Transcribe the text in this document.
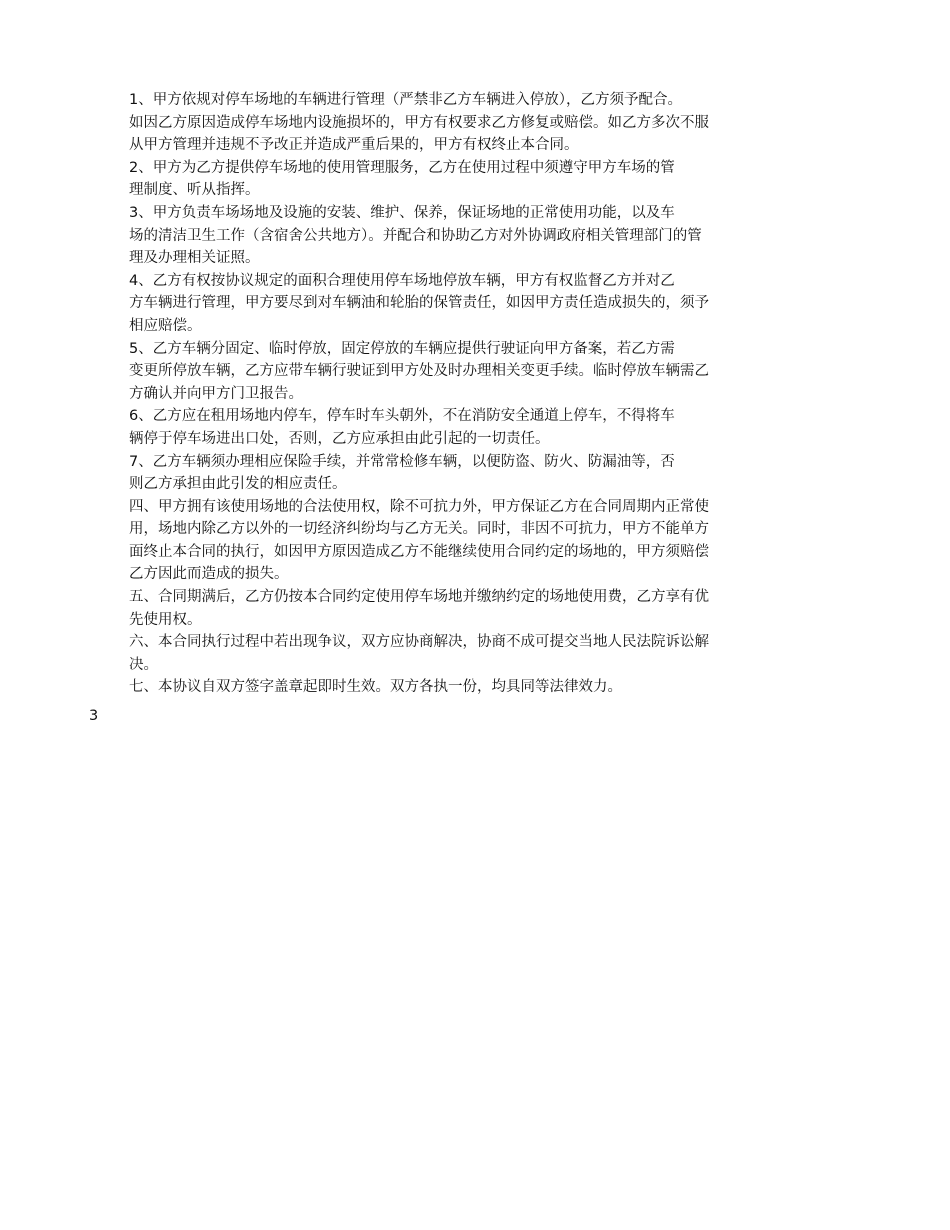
1、甲方依规对停车场地的车辆进行管理（严禁非乙方车辆进入停放），乙方须予配合。
如因乙方原因造成停车场地内设施损坏的，甲方有权要求乙方修复或赔偿。如乙方多次不服
从甲方管理并违规不予改正并造成严重后果的，甲方有权终止本合同。
2、甲方为乙方提供停车场地的使用管理服务，乙方在使用过程中须遵守甲方车场的管
理制度、听从指挥。
3、甲方负责车场场地及设施的安装、维护、保养，保证场地的正常使用功能，以及车
场的清洁卫生工作（含宿舍公共地方）。并配合和协助乙方对外协调政府相关管理部门的管
理及办理相关证照。
4、乙方有权按协议规定的面积合理使用停车场地停放车辆，甲方有权监督乙方并对乙
方车辆进行管理，甲方要尽到对车辆油和轮胎的保管责任，如因甲方责任造成损失的，须予
相应赔偿。
5、乙方车辆分固定、临时停放，固定停放的车辆应提供行驶证向甲方备案，若乙方需
变更所停放车辆，乙方应带车辆行驶证到甲方处及时办理相关变更手续。临时停放车辆需乙
方确认并向甲方门卫报告。
6、乙方应在租用场地内停车，停车时车头朝外，不在消防安全通道上停车，不得将车
辆停于停车场进出口处，否则，乙方应承担由此引起的一切责任。
7、乙方车辆须办理相应保险手续，并常常检修车辆，以便防盗、防火、防漏油等，否
则乙方承担由此引发的相应责任。
四、甲方拥有该使用场地的合法使用权，除不可抗力外，甲方保证乙方在合同周期内正常使
用，场地内除乙方以外的一切经济纠纷均与乙方无关。同时，非因不可抗力，甲方不能单方
面终止本合同的执行，如因甲方原因造成乙方不能继续使用合同约定的场地的，甲方须赔偿
乙方因此而造成的损失。
五、合同期满后，乙方仍按本合同约定使用停车场地并缴纳约定的场地使用费，乙方享有优
先使用权。
六、本合同执行过程中若出现争议，双方应协商解决，协商不成可提交当地人民法院诉讼解
决。
七、本协议自双方签字盖章起即时生效。双方各执一份，均具同等法律效力。
3
